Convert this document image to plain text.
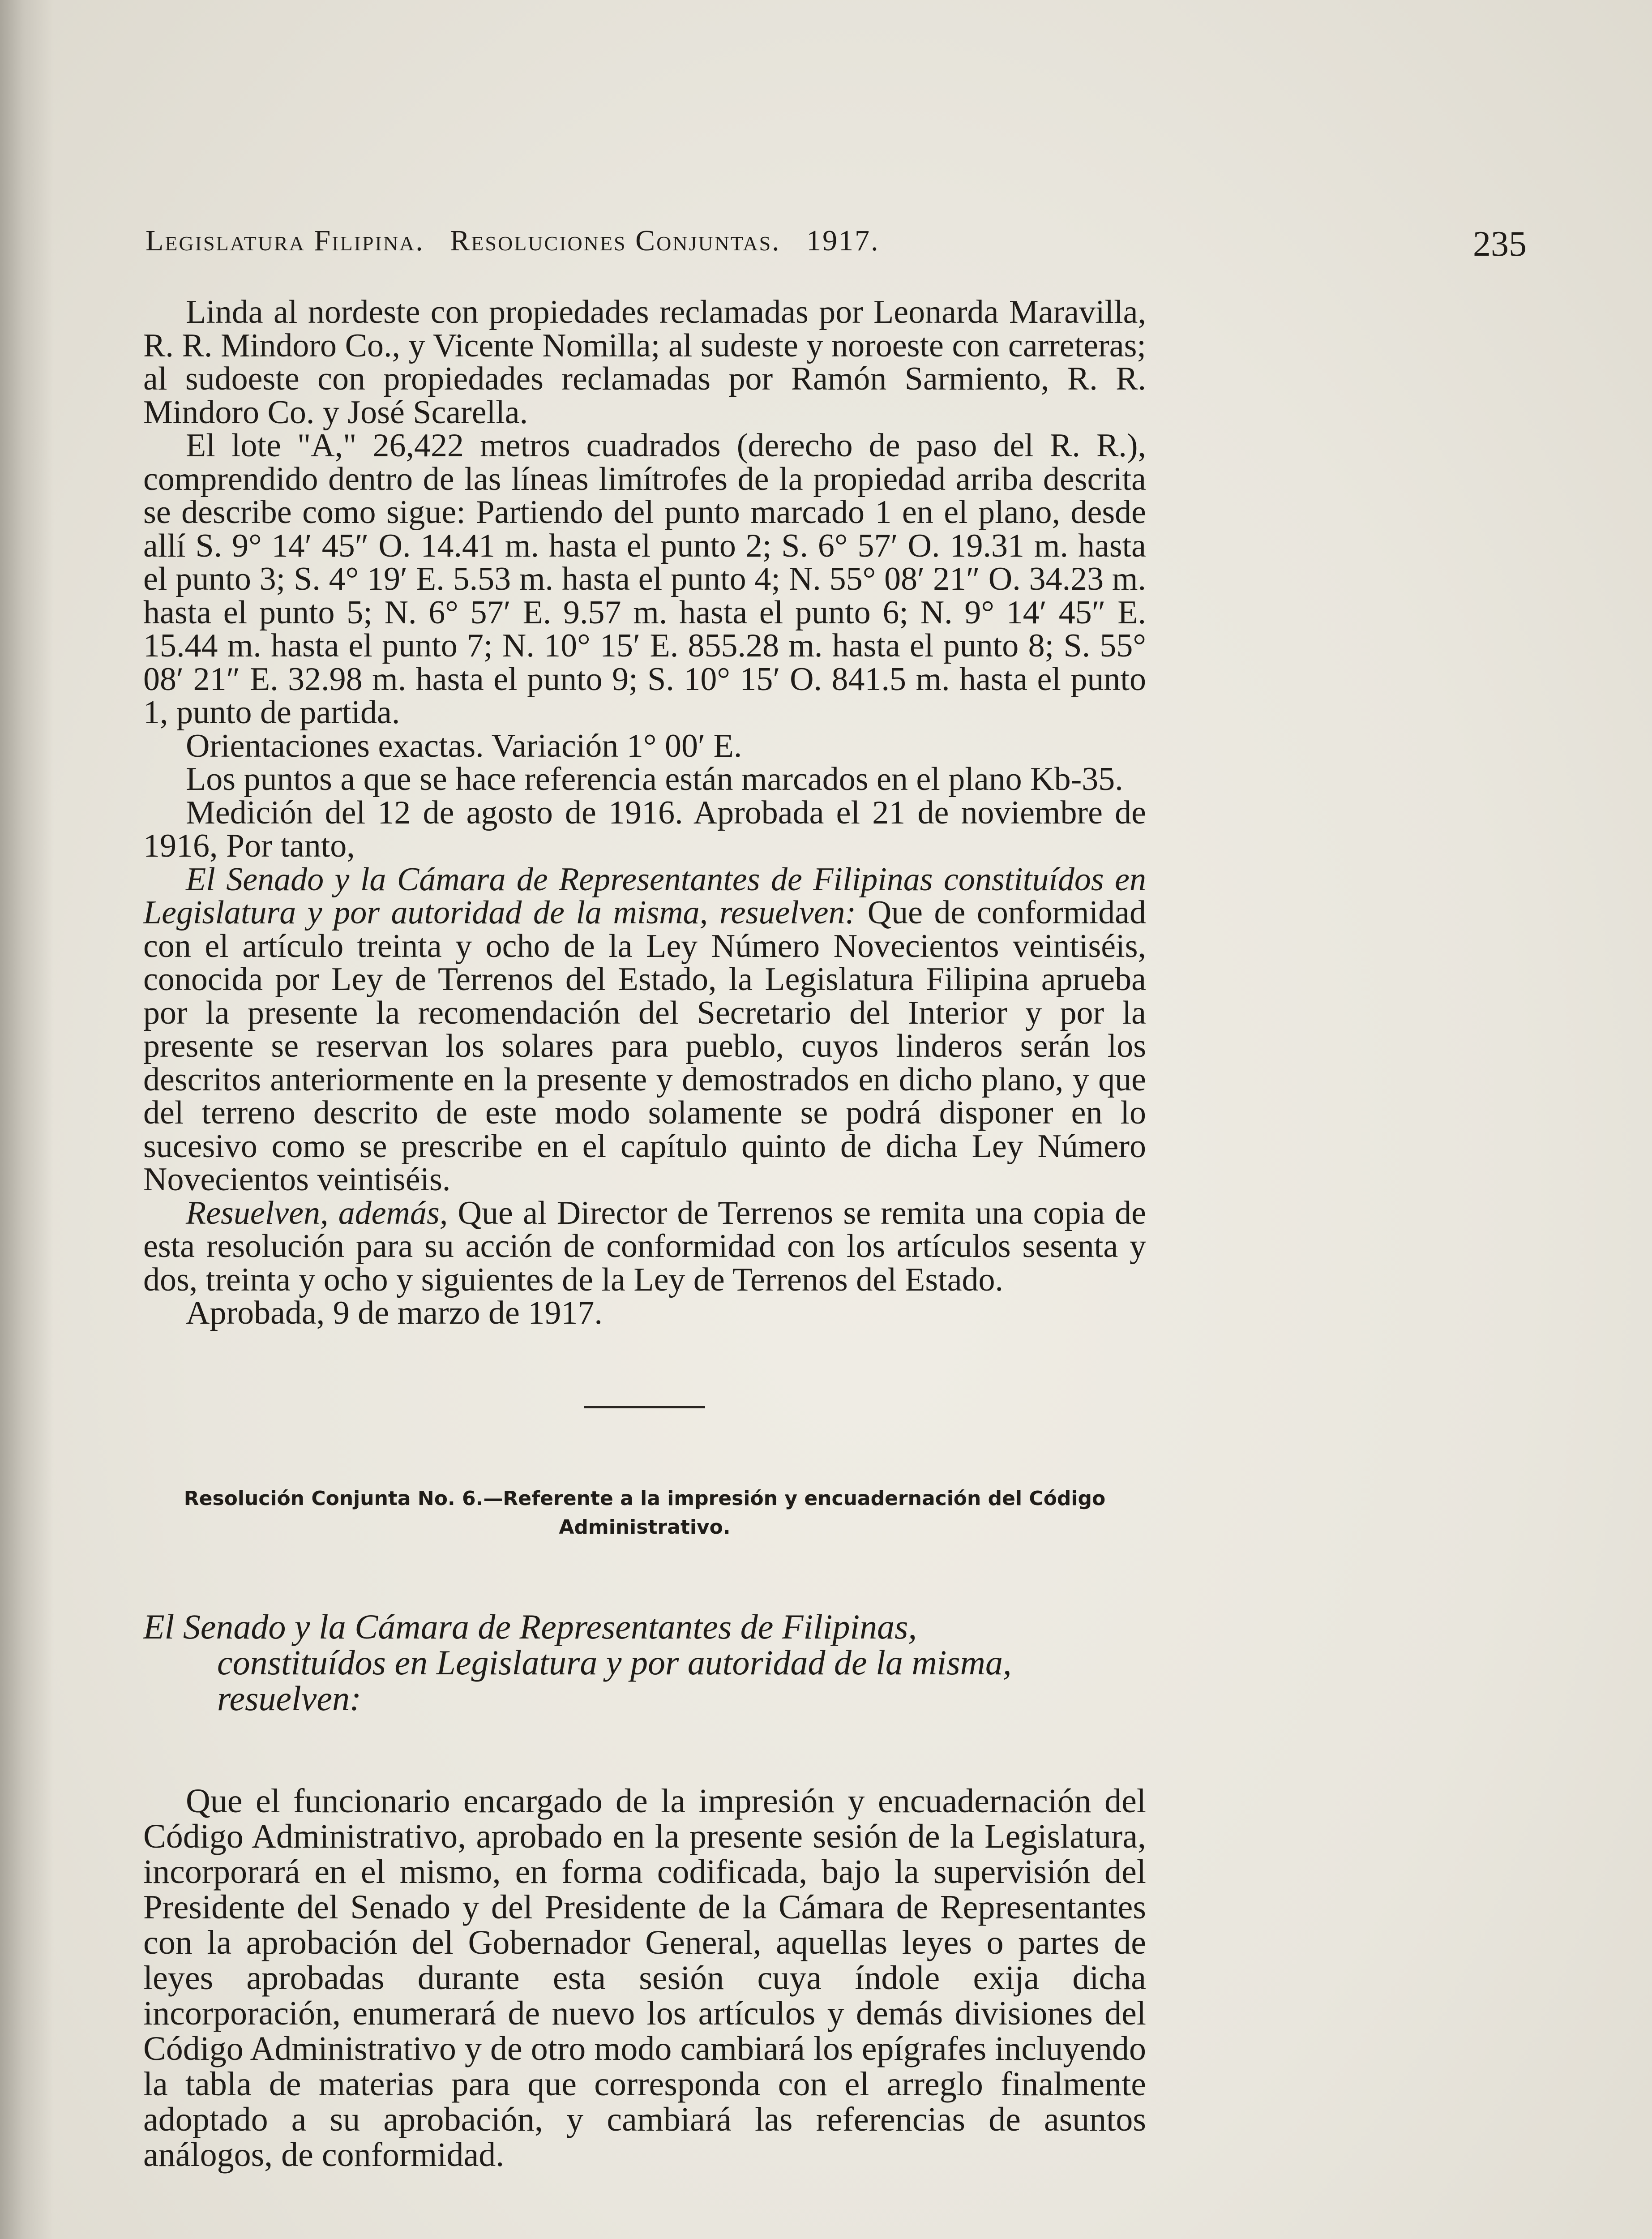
Legislatura Filipina. Resoluciones Conjuntas. 1917.	235

Linda al nordeste con propiedades reclamadas por Leonarda Maravilla, R. R. Mindoro Co., y Vicente Nomilla; al sudeste y noroeste con carreteras; al sudoeste con propiedades reclamadas por Ramón Sarmiento, R. R. Mindoro Co. y José Scarella.

El lote "A," 26,422 metros cuadrados (derecho de paso del R. R.), comprendido dentro de las líneas limítrofes de la propiedad arriba descrita se describe como sigue: Partiendo del punto marcado 1 en el plano, desde allí S. 9° 14′ 45″ O. 14.41 m. hasta el punto 2; S. 6° 57′ O. 19.31 m. hasta el punto 3; S. 4° 19′ E. 5.53 m. hasta el punto 4; N. 55° 08′ 21″ O. 34.23 m. hasta el punto 5; N. 6° 57′ E. 9.57 m. hasta el punto 6; N. 9° 14′ 45″ E. 15.44 m. hasta el punto 7; N. 10° 15′ E. 855.28 m. hasta el punto 8; S. 55° 08′ 21″ E. 32.98 m. hasta el punto 9; S. 10° 15′ O. 841.5 m. hasta el punto 1, punto de partida.

Orientaciones exactas. Variación 1° 00′ E.

Los puntos a que se hace referencia están marcados en el plano Kb-35.

Medición del 12 de agosto de 1916. Aprobada el 21 de noviembre de 1916, Por tanto,

El Senado y la Cámara de Representantes de Filipinas constituídos en Legislatura y por autoridad de la misma, resuelven: Que de conformidad con el artículo treinta y ocho de la Ley Número Novecientos veintiséis, conocida por Ley de Terrenos del Estado, la Legislatura Filipina aprueba por la presente la recomendación del Secretario del Interior y por la presente se reservan los solares para pueblo, cuyos linderos serán los descritos anteriormente en la presente y demostrados en dicho plano, y que del terreno descrito de este modo solamente se podrá disponer en lo sucesivo como se prescribe en el capítulo quinto de dicha Ley Número Novecientos veintiséis.

Resuelven, además, Que al Director de Terrenos se remita una copia de esta resolución para su acción de conformidad con los artículos sesenta y dos, treinta y ocho y siguientes de la Ley de Terrenos del Estado.

Aprobada, 9 de marzo de 1917.

Resolución Conjunta No. 6.—Referente a la impresión y encuadernación del Código Administrativo.
El Senado y la Cámara de Representantes de Filipinas,
constituídos en Legislatura y por autoridad de la misma,
resuelven:

Que el funcionario encargado de la impresión y encuadernación del Código Administrativo, aprobado en la presente sesión de la Legislatura, incorporará en el mismo, en forma codificada, bajo la supervisión del Presidente del Senado y del Presidente de la Cámara de Representantes con la aprobación del Gobernador General, aquellas leyes o partes de leyes aprobadas durante esta sesión cuya índole exija dicha incorporación, enumerará de nuevo los artículos y demás divisiones del Código Administrativo y de otro modo cambiará los epígrafes incluyendo la tabla de materias para que corresponda con el arreglo finalmente adoptado a su aprobación, y cambiará las referencias de asuntos análogos, de conformidad.
